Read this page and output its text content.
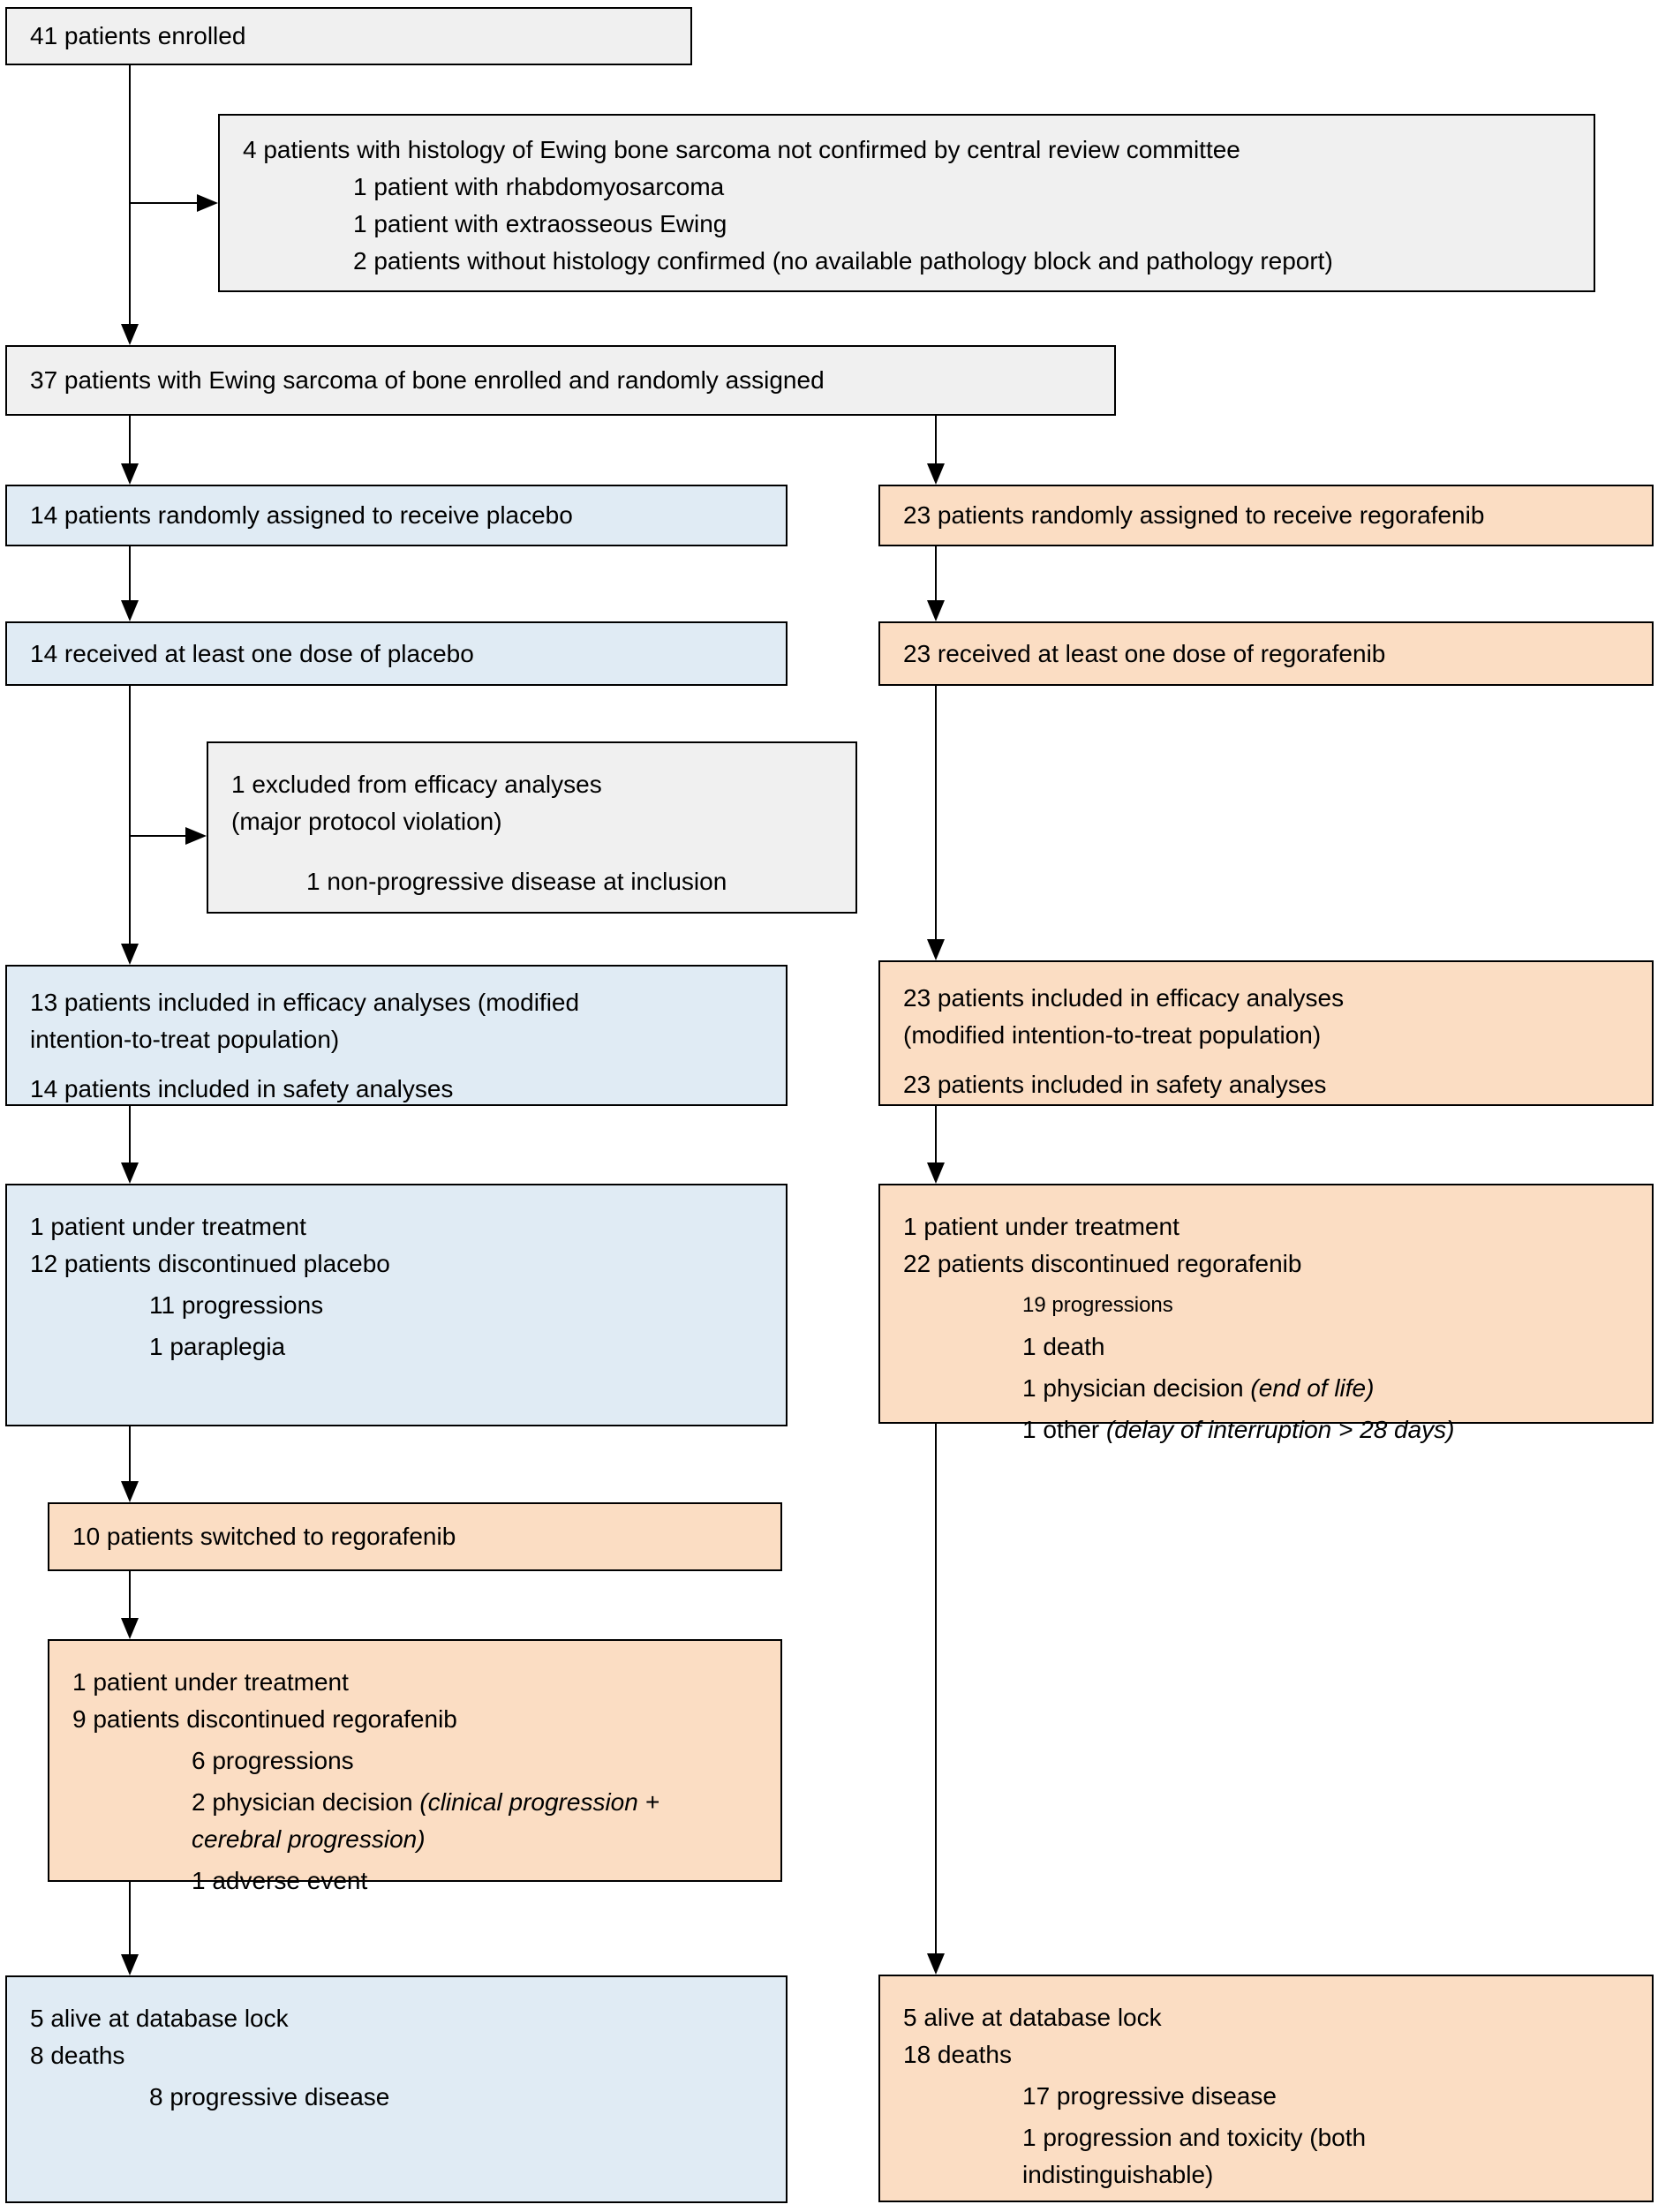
41 patients enrolled
4 patients with histology of Ewing bone sarcoma not confirmed by central review committee
1 patient with rhabdomyosarcoma
1 patient with extraosseous Ewing
2 patients without histology confirmed (no available pathology block and pathology report)
37 patients with Ewing sarcoma of bone enrolled and randomly assigned
14 patients randomly assigned to receive placebo	23 patients randomly assigned to receive regorafenib
14 received at least one dose of placebo	23 received at least one dose of regorafenib
1 excluded from efficacy analyses
(major protocol violation)
1 non-progressive disease at inclusion
13 patients included in efficacy analyses (modified
intention-to-treat population)
14 patients included in safety analyses
23 patients included in efficacy analyses
(modified intention-to-treat population)
23 patients included in safety analyses
1 patient under treatment
12 patients discontinued placebo
11 progressions
1 paraplegia
1 patient under treatment
22 patients discontinued regorafenib
19 progressions
1 death
1 physician decision (end of life)
1 other (delay of interruption > 28 days)
10 patients switched to regorafenib
1 patient under treatment
9 patients discontinued regorafenib
6 progressions
2 physician decision (clinical progression +
cerebral progression)
1 adverse event
5 alive at database lock
8 deaths
8 progressive disease
5 alive at database lock
18 deaths
17 progressive disease
1 progression and toxicity (both
indistinguishable)
